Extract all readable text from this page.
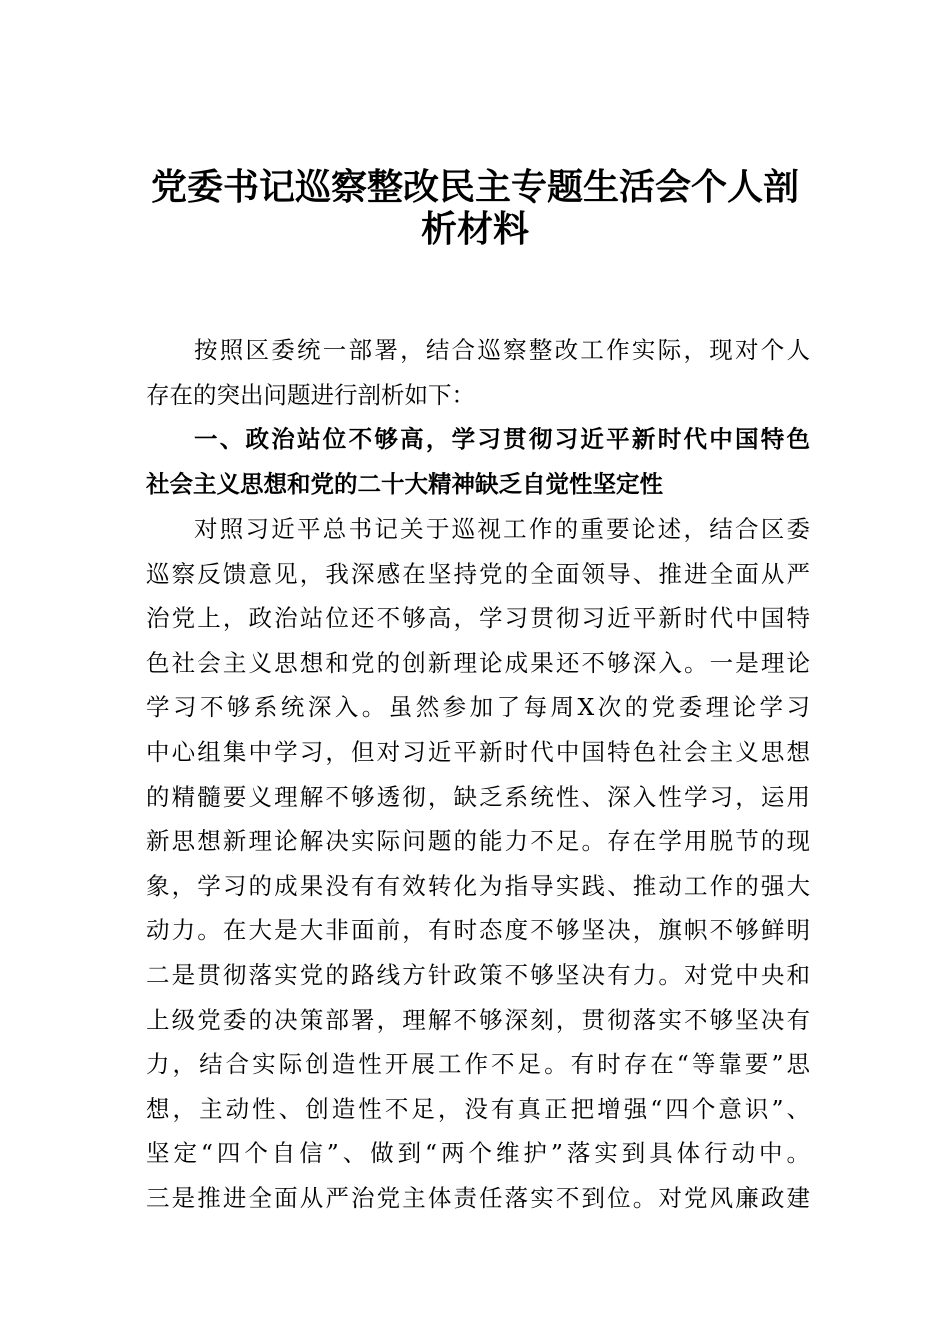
党委书记巡察整改民主专题生活会个人剖
析材料
按照区委统一部署，结合巡察整改工作实际，现对个人
存在的突出问题进行剖析如下：
一、政治站位不够高，学习贯彻习近平新时代中国特色
社会主义思想和党的二十大精神缺乏自觉性坚定性
对照习近平总书记关于巡视工作的重要论述，结合区委
巡察反馈意见，我深感在坚持党的全面领导、推进全面从严
治党上，政治站位还不够高，学习贯彻习近平新时代中国特
色社会主义思想和党的创新理论成果还不够深入。一是理论
学习不够系统深入。虽然参加了每周X次的党委理论学习
中心组集中学习，但对习近平新时代中国特色社会主义思想
的精髓要义理解不够透彻，缺乏系统性、深入性学习，运用
新思想新理论解决实际问题的能力不足。存在学用脱节的现
象，学习的成果没有有效转化为指导实践、推动工作的强大
动力。在大是大非面前，有时态度不够坚决，旗帜不够鲜明
二是贯彻落实党的路线方针政策不够坚决有力。对党中央和
上级党委的决策部署，理解不够深刻，贯彻落实不够坚决有
力，结合实际创造性开展工作不足。有时存在“等靠要”思
想，主动性、创造性不足，没有真正把增强“四个意识”、
坚定“四个自信”、做到“两个维护”落实到具体行动中。
三是推进全面从严治党主体责任落实不到位。对党风廉政建
